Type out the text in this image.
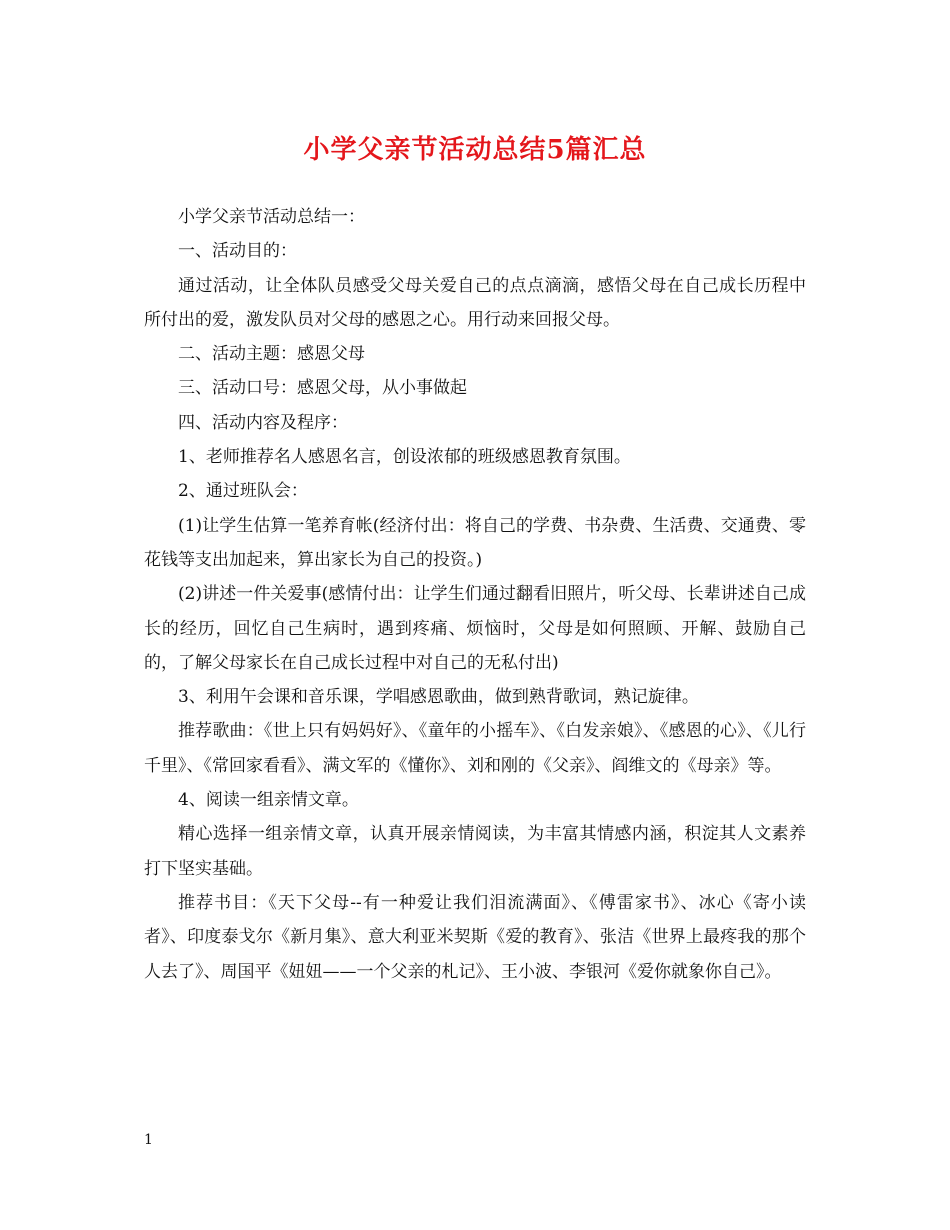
小学父亲节活动总结5篇汇总

小学父亲节活动总结一：

一、活动目的：

通过活动，让全体队员感受父母关爱自己的点点滴滴，感悟父母在自己成长历程中所付出的爱，激发队员对父母的感恩之心。用行动来回报父母。

二、活动主题：感恩父母

三、活动口号：感恩父母，从小事做起

四、活动内容及程序：

1、老师推荐名人感恩名言，创设浓郁的班级感恩教育氛围。

2、通过班队会：

(1)让学生估算一笔养育帐(经济付出：将自己的学费、书杂费、生活费、交通费、零花钱等支出加起来，算出家长为自己的投资。)

(2)讲述一件关爱事(感情付出：让学生们通过翻看旧照片，听父母、长辈讲述自己成长的经历，回忆自己生病时，遇到疼痛、烦恼时，父母是如何照顾、开解、鼓励自己的，了解父母家长在自己成长过程中对自己的无私付出)

3、利用午会课和音乐课，学唱感恩歌曲，做到熟背歌词，熟记旋律。

推荐歌曲：《世上只有妈妈好》、《童年的小摇车》、《白发亲娘》、《感恩的心》、《儿行千里》、《常回家看看》、满文军的《懂你》、刘和刚的《父亲》、阎维文的《母亲》等。

4、阅读一组亲情文章。

精心选择一组亲情文章，认真开展亲情阅读，为丰富其情感内涵，积淀其人文素养打下坚实基础。

推荐书目：《天下父母--有一种爱让我们泪流满面》、《傅雷家书》、冰心《寄小读者》、印度泰戈尔《新月集》、意大利亚米契斯《爱的教育》、张洁《世界上最疼我的那个人去了》、周国平《妞妞——一个父亲的札记》、王小波、李银河《爱你就象你自己》。

1
